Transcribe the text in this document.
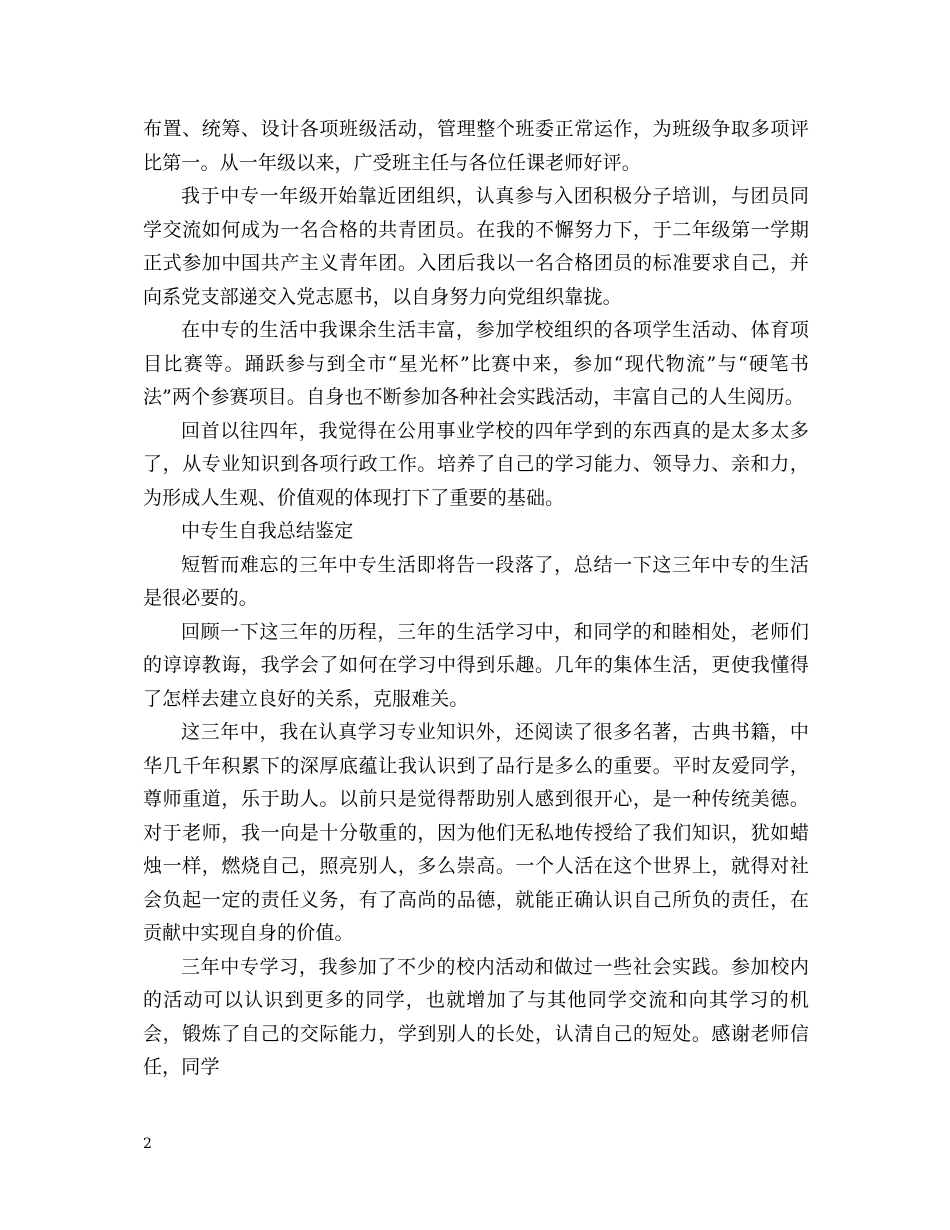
布置、统筹、设计各项班级活动，管理整个班委正常运作，为班级争取多项评比第一。从一年级以来，广受班主任与各位任课老师好评。

我于中专一年级开始靠近团组织，认真参与入团积极分子培训，与团员同学交流如何成为一名合格的共青团员。在我的不懈努力下，于二年级第一学期正式参加中国共产主义青年团。入团后我以一名合格团员的标准要求自己，并向系党支部递交入党志愿书，以自身努力向党组织靠拢。

在中专的生活中我课余生活丰富，参加学校组织的各项学生活动、体育项目比赛等。踊跃参与到全市“星光杯”比赛中来，参加“现代物流”与“硬笔书法”两个参赛项目。自身也不断参加各种社会实践活动，丰富自己的人生阅历。

回首以往四年，我觉得在公用事业学校的四年学到的东西真的是太多太多了，从专业知识到各项行政工作。培养了自己的学习能力、领导力、亲和力，为形成人生观、价值观的体现打下了重要的基础。

中专生自我总结鉴定

短暂而难忘的三年中专生活即将告一段落了，总结一下这三年中专的生活是很必要的。

回顾一下这三年的历程，三年的生活学习中，和同学的和睦相处，老师们的谆谆教诲，我学会了如何在学习中得到乐趣。几年的集体生活，更使我懂得了怎样去建立良好的关系，克服难关。

这三年中，我在认真学习专业知识外，还阅读了很多名著，古典书籍，中华几千年积累下的深厚底蕴让我认识到了品行是多么的重要。平时友爱同学，尊师重道，乐于助人。以前只是觉得帮助别人感到很开心，是一种传统美德。对于老师，我一向是十分敬重的，因为他们无私地传授给了我们知识，犹如蜡烛一样，燃烧自己，照亮别人，多么崇高。一个人活在这个世界上，就得对社会负起一定的责任义务，有了高尚的品德，就能正确认识自己所负的责任，在贡献中实现自身的价值。

三年中专学习，我参加了不少的校内活动和做过一些社会实践。参加校内的活动可以认识到更多的同学，也就增加了与其他同学交流和向其学习的机会，锻炼了自己的交际能力，学到别人的长处，认清自己的短处。感谢老师信任，同学

2
